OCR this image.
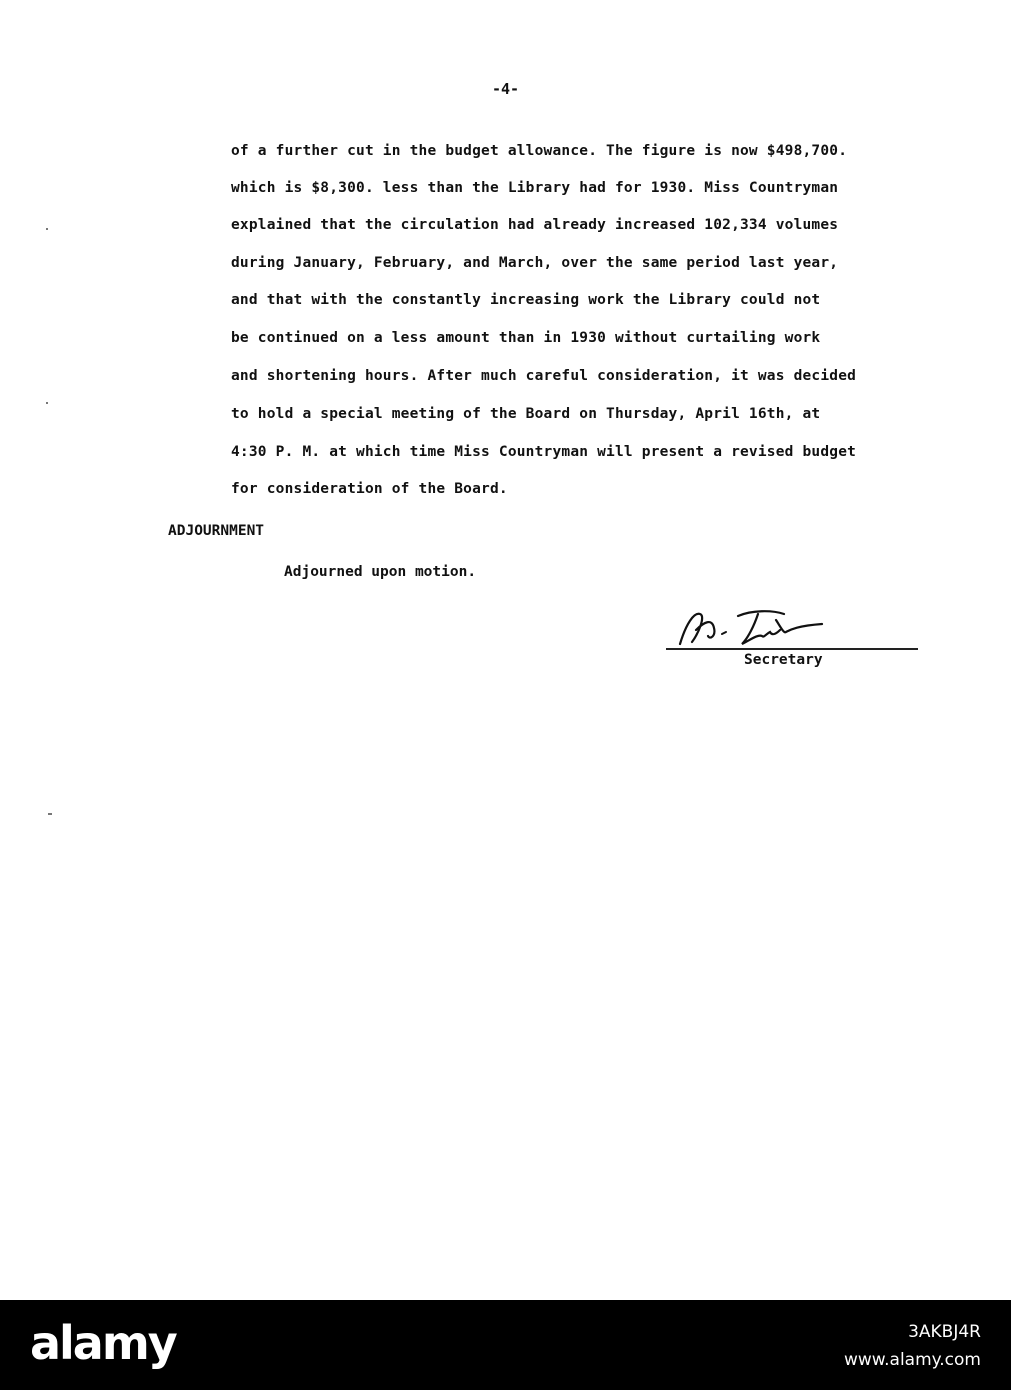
-4-
of a further cut in the budget allowance. The figure is now $498,700.
which is $8,300. less than the Library had for 1930. Miss Countryman
explained that the circulation had already increased 102,334 volumes
during January, February, and March, over the same period last year,
and that with the constantly increasing work the Library could not
be continued on a less amount than in 1930 without curtailing work
and shortening hours. After much careful consideration, it was decided
to hold a special meeting of the Board on Thursday, April 16th, at
4:30 P. M. at which time Miss Countryman will present a revised budget
for consideration of the Board.
ADJOURNMENT
Adjourned upon motion.
Secretary
alamy	3AKBJ4R
www.alamy.com
